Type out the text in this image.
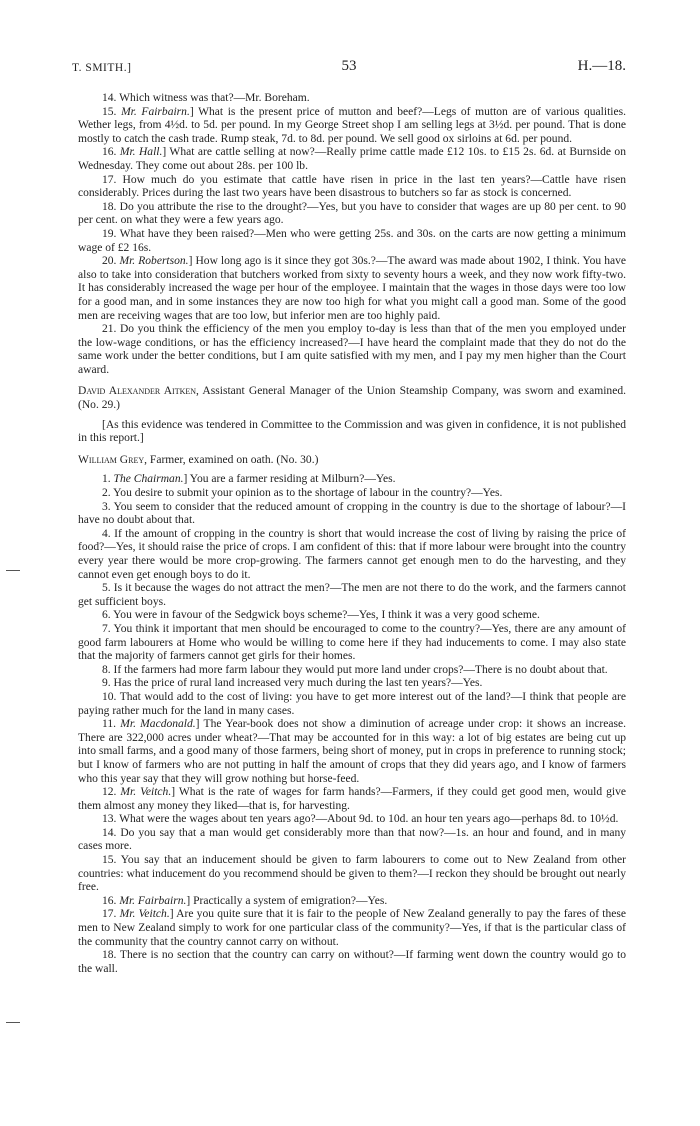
T. SMITH.]	53	H.—18.

14. Which witness was that?—Mr. Boreham.

15. Mr. Fairbairn.] What is the present price of mutton and beef?—Legs of mutton are of various qualities. Wether legs, from 4½d. to 5d. per pound. In my George Street shop I am selling legs at 3½d. per pound. That is done mostly to catch the cash trade. Rump steak, 7d. to 8d. per pound. We sell good ox sirloins at 6d. per pound.

16. Mr. Hall.] What are cattle selling at now?—Really prime cattle made £12 10s. to £15 2s. 6d. at Burnside on Wednesday. They come out about 28s. per 100 lb.

17. How much do you estimate that cattle have risen in price in the last ten years?—Cattle have risen considerably. Prices during the last two years have been disastrous to butchers so far as stock is concerned.

18. Do you attribute the rise to the drought?—Yes, but you have to consider that wages are up 80 per cent. to 90 per cent. on what they were a few years ago.

19. What have they been raised?—Men who were getting 25s. and 30s. on the carts are now getting a minimum wage of £2 16s.

20. Mr. Robertson.] How long ago is it since they got 30s.?—The award was made about 1902, I think. You have also to take into consideration that butchers worked from sixty to seventy hours a week, and they now work fifty-two. It has considerably increased the wage per hour of the employee. I maintain that the wages in those days were too low for a good man, and in some instances they are now too high for what you might call a good man. Some of the good men are receiving wages that are too low, but inferior men are too highly paid.

21. Do you think the efficiency of the men you employ to-day is less than that of the men you employed under the low-wage conditions, or has the efficiency increased?—I have heard the complaint made that they do not do the same work under the better conditions, but I am quite satisfied with my men, and I pay my men higher than the Court award.

David Alexander Aitken, Assistant General Manager of the Union Steamship Company, was sworn and examined. (No. 29.)

[As this evidence was tendered in Committee to the Commission and was given in confidence, it is not published in this report.]

William Grey, Farmer, examined on oath. (No. 30.)

1. The Chairman.] You are a farmer residing at Milburn?—Yes.

2. You desire to submit your opinion as to the shortage of labour in the country?—Yes.

3. You seem to consider that the reduced amount of cropping in the country is due to the shortage of labour?—I have no doubt about that.

4. If the amount of cropping in the country is short that would increase the cost of living by raising the price of food?—Yes, it should raise the price of crops. I am confident of this: that if more labour were brought into the country every year there would be more crop-growing. The farmers cannot get enough men to do the harvesting, and they cannot even get enough boys to do it.

5. Is it because the wages do not attract the men?—The men are not there to do the work, and the farmers cannot get sufficient boys.

6. You were in favour of the Sedgwick boys scheme?—Yes, I think it was a very good scheme.

7. You think it important that men should be encouraged to come to the country?—Yes, there are any amount of good farm labourers at Home who would be willing to come here if they had inducements to come. I may also state that the majority of farmers cannot get girls for their homes.

8. If the farmers had more farm labour they would put more land under crops?—There is no doubt about that.

9. Has the price of rural land increased very much during the last ten years?—Yes.

10. That would add to the cost of living: you have to get more interest out of the land?—I think that people are paying rather much for the land in many cases.

11. Mr. Macdonald.] The Year-book does not show a diminution of acreage under crop: it shows an increase. There are 322,000 acres under wheat?—That may be accounted for in this way: a lot of big estates are being cut up into small farms, and a good many of those farmers, being short of money, put in crops in preference to running stock; but I know of farmers who are not putting in half the amount of crops that they did years ago, and I know of farmers who this year say that they will grow nothing but horse-feed.

12. Mr. Veitch.] What is the rate of wages for farm hands?—Farmers, if they could get good men, would give them almost any money they liked—that is, for harvesting.

13. What were the wages about ten years ago?—About 9d. to 10d. an hour ten years ago—perhaps 8d. to 10½d.

14. Do you say that a man would get considerably more than that now?—1s. an hour and found, and in many cases more.

15. You say that an inducement should be given to farm labourers to come out to New Zealand from other countries: what inducement do you recommend should be given to them?—I reckon they should be brought out nearly free.

16. Mr. Fairbairn.] Practically a system of emigration?—Yes.

17. Mr. Veitch.] Are you quite sure that it is fair to the people of New Zealand generally to pay the fares of these men to New Zealand simply to work for one particular class of the community?—Yes, if that is the particular class of the community that the country cannot carry on without.

18. There is no section that the country can carry on without?—If farming went down the country would go to the wall.
